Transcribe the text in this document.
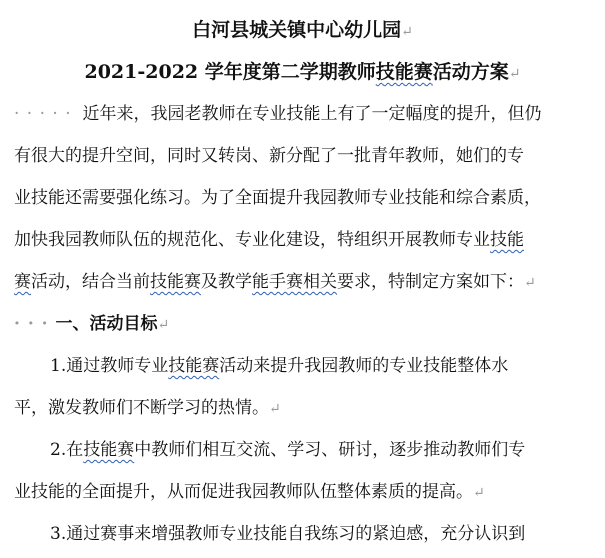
白河县城关镇中心幼儿园↵
2021-2022 学年度第二学期教师技能赛活动方案↵
· · · · · 近年来，我园老教师在专业技能上有了一定幅度的提升，但仍
有很大的提升空间，同时又转岗、新分配了一批青年教师，她们的专
业技能还需要强化练习。为了全面提升我园教师专业技能和综合素质，
加快我园教师队伍的规范化、专业化建设，特组织开展教师专业技能
赛活动，结合当前技能赛及教学能手赛相关要求，特制定方案如下：↵
· · · 一、活动目标↵
1.通过教师专业技能赛活动来提升我园教师的专业技能整体水
平，激发教师们不断学习的热情。↵
2.在技能赛中教师们相互交流、学习、研讨，逐步推动教师们专
业技能的全面提升，从而促进我园教师队伍整体素质的提高。↵
3.通过赛事来增强教师专业技能自我练习的紧迫感，充分认识到
